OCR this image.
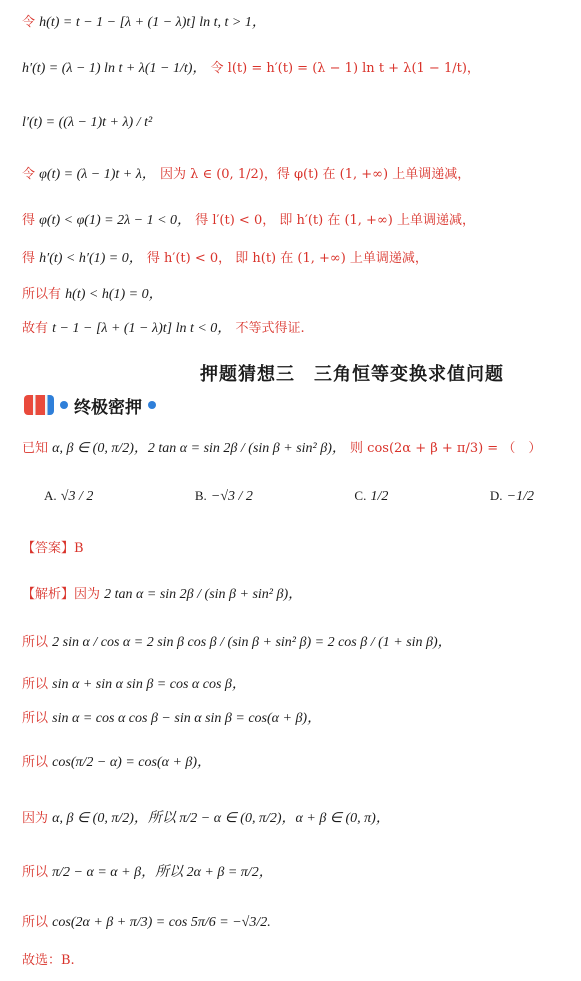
令 h(t) = t − 1 − [λ + (1 − λ)t] ln t, t > 1，
h′(t) = (λ − 1) ln t + λ(1 − 1/t)， 令 l(t) = h′(t) = (λ − 1) ln t + λ(1 − 1/t)，
l′(t) = ((λ − 1)t + λ) / t²
令 φ(t) = (λ − 1)t + λ， 因为 λ ∈ (0, 1/2)，得 φ(t) 在 (1, +∞) 上单调递减，
得 φ(t) < φ(1) = 2λ − 1 < 0， 得 l′(t) < 0， 即 h′(t) 在 (1, +∞) 上单调递减，
得 h′(t) < h′(1) = 0， 得 h′(t) < 0， 即 h(t) 在 (1, +∞) 上单调递减，
所以有 h(t) < h(1) = 0，
故有 t − 1 − [λ + (1 − λ)t] ln t < 0， 不等式得证.
押题猜想三　三角恒等变换求值问题
终极密押
已知 α, β ∈ (0, π/2)，2 tan α = sin 2β / (sin β + sin² β)， 则 cos(2α + β + π/3) = （　）
A. √3 / 2	B. −√3 / 2	C. 1/2	D. −1/2
【答案】B
【解析】因为 2 tan α = sin 2β / (sin β + sin² β)，
所以 2 sin α / cos α = 2 sin β cos β / (sin β + sin² β) = 2 cos β / (1 + sin β)，
所以 sin α + sin α sin β = cos α cos β，
所以 sin α = cos α cos β − sin α sin β = cos(α + β)，
所以 cos(π/2 − α) = cos(α + β)，
因为 α, β ∈ (0, π/2)，所以 π/2 − α ∈ (0, π/2)，α + β ∈ (0, π)，
所以 π/2 − α = α + β，所以 2α + β = π/2，
所以 cos(2α + β + π/3) = cos 5π/6 = −√3/2.
故选：B.
